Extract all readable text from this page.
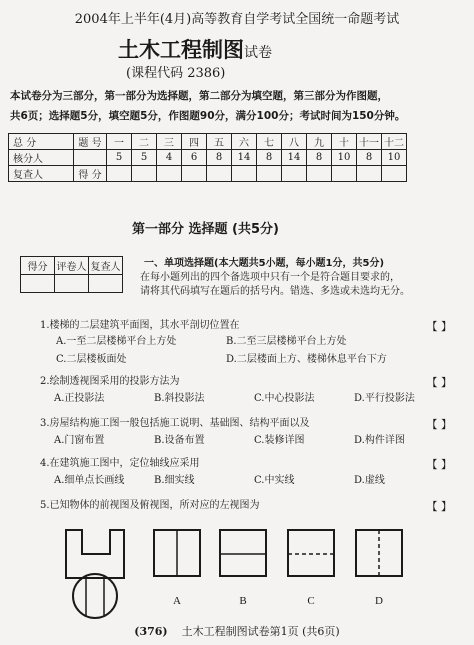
2004年上半年(4月)高等教育自学考试全国统一命题考试
土木工程制图试卷
(课程代码 2386)
本试卷分为三部分，第一部分为选择题，第二部分为填空题，第三部分为作图题，
共6页；选择题5分，填空题5分，作图题90分，满分100分；考试时间为150分钟。
总 分	题 号	一	二	三	四	五	六	七	八	九	十	十一	十二
核分人		5	5	4	6	8	14	8	14	8	10	8	10
复查人	得 分												
第一部分 选择题 (共5分)
得分	评卷人	复查人
		一、单项选择题(本大题共5小题，每小题1分，共5分)
在每小题列出的四个备选项中只有一个是符合题目要求的，
请将其代码填写在题后的括号内。错选、多选或未选均无分。
1.楼梯的二层建筑平面图，其水平剖切位置在	【 】
A.一至二层楼梯平台上方处	B.二至三层楼梯平台上方处
C.二层楼板面处	D.二层楼面上方、楼梯休息平台下方
2.绘制透视图采用的投影方法为	【 】
A.正投影法	B.斜投影法	C.中心投影法	D.平行投影法
3.房屋结构施工图一般包括施工说明、基础图、结构平面以及	【 】
A.门窗布置	B.设备布置	C.装修详图	D.构件详图
4.在建筑施工图中，定位轴线应采用	【 】
A.细单点长画线	B.细实线	C.中实线	D.虚线
5.已知物体的前视图及俯视图，所对应的左视图为	【 】
A	B	C	D
(376) 土木工程制图试卷第1页 (共6页)
